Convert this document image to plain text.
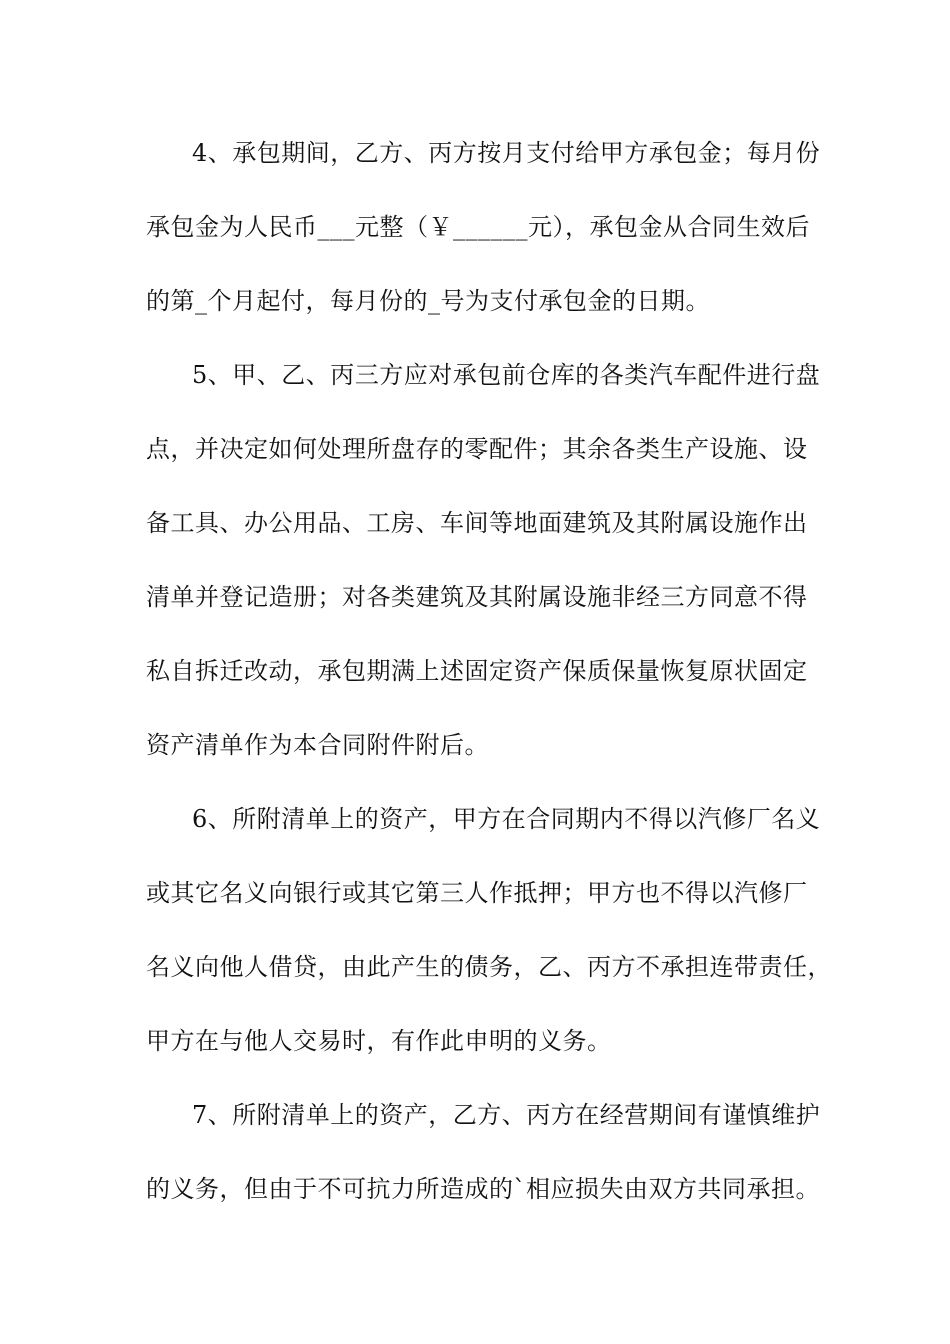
4、承包期间，乙方、丙方按月支付给甲方承包金；每月份
承包金为人民币___元整（￥______元），承包金从合同生效后
的第_个月起付，每月份的_号为支付承包金的日期。
5、甲、乙、丙三方应对承包前仓库的各类汽车配件进行盘
点，并决定如何处理所盘存的零配件；其余各类生产设施、设
备工具、办公用品、工房、车间等地面建筑及其附属设施作出
清单并登记造册；对各类建筑及其附属设施非经三方同意不得
私自拆迁改动，承包期满上述固定资产保质保量恢复原状固定
资产清单作为本合同附件附后。
6、所附清单上的资产，甲方在合同期内不得以汽修厂名义
或其它名义向银行或其它第三人作抵押；甲方也不得以汽修厂
名义向他人借贷，由此产生的债务，乙、丙方不承担连带责任，
甲方在与他人交易时，有作此申明的义务。
7、所附清单上的资产，乙方、丙方在经营期间有谨慎维护
的义务，但由于不可抗力所造成的`相应损失由双方共同承担。
